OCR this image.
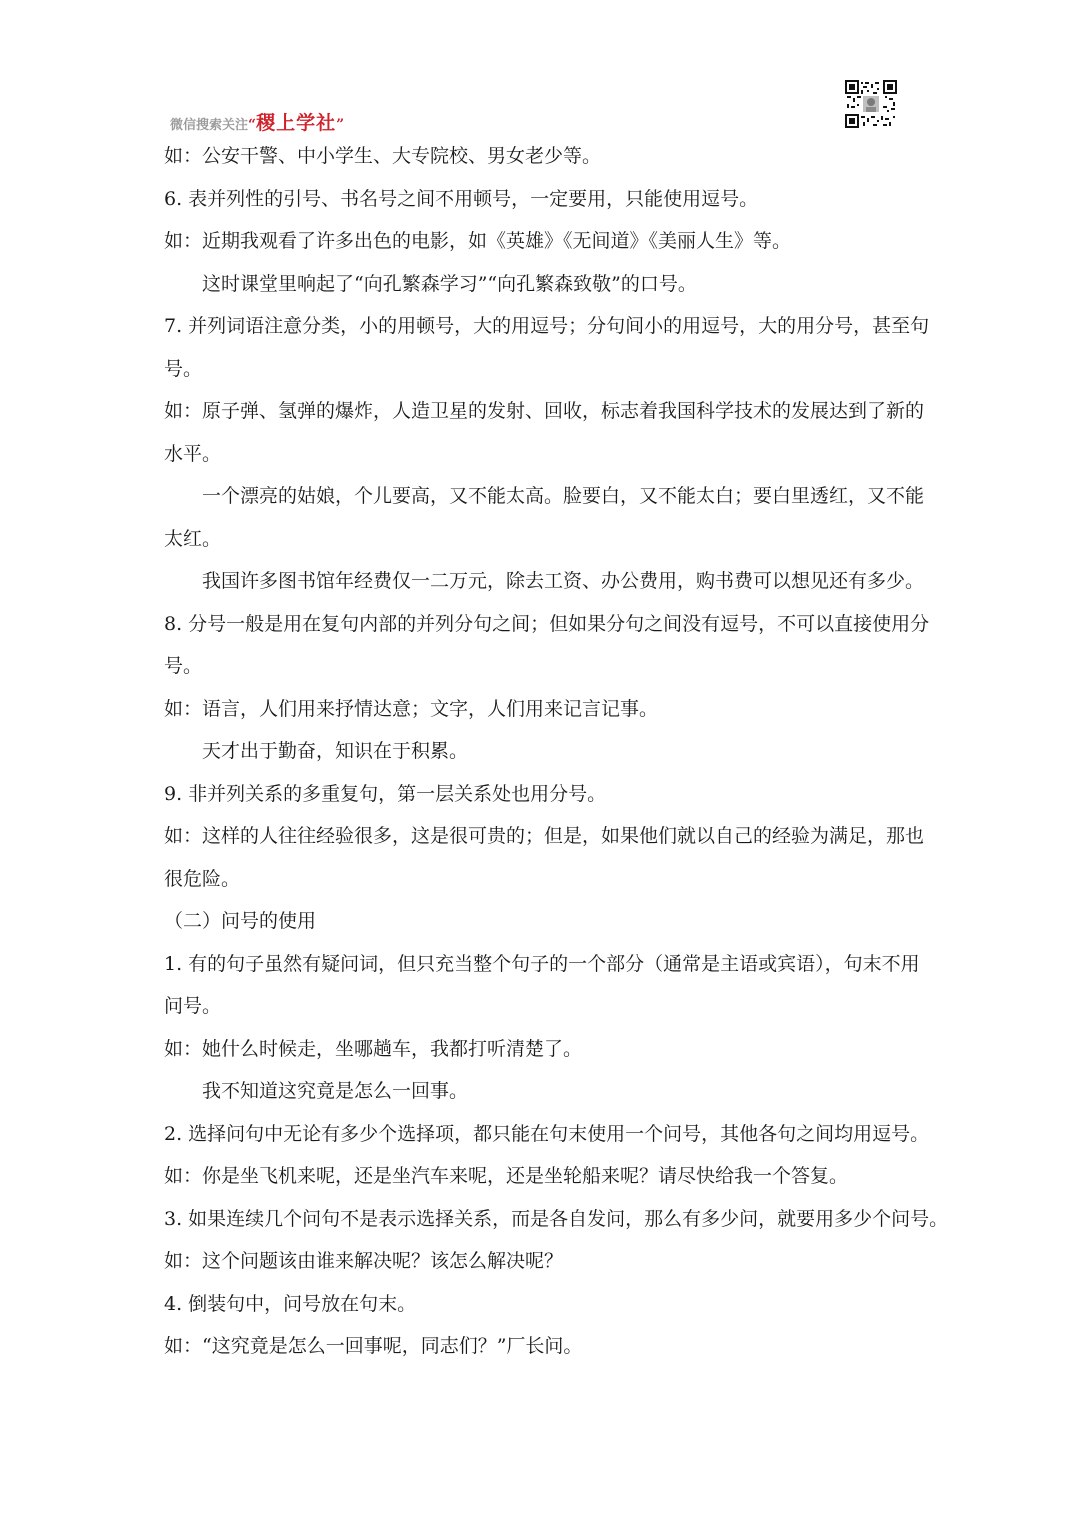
微信搜索关注“稷上学社”
如：公安干警、中小学生、大专院校、男女老少等。
6. 表并列性的引号、书名号之间不用顿号，一定要用，只能使用逗号。
如：近期我观看了许多出色的电影，如《英雄》《无间道》《美丽人生》等。
这时课堂里响起了“向孔繁森学习”“向孔繁森致敬”的口号。
7. 并列词语注意分类，小的用顿号，大的用逗号；分句间小的用逗号，大的用分号，甚至句
号。
如：原子弹、氢弹的爆炸，人造卫星的发射、回收，标志着我国科学技术的发展达到了新的
水平。
一个漂亮的姑娘，个儿要高，又不能太高。脸要白，又不能太白；要白里透红，又不能
太红。
我国许多图书馆年经费仅一二万元，除去工资、办公费用，购书费可以想见还有多少。
8. 分号一般是用在复句内部的并列分句之间；但如果分句之间没有逗号，不可以直接使用分
号。
如：语言，人们用来抒情达意；文字，人们用来记言记事。
天才出于勤奋，知识在于积累。
9. 非并列关系的多重复句，第一层关系处也用分号。
如：这样的人往往经验很多，这是很可贵的；但是，如果他们就以自己的经验为满足，那也
很危险。
（二）问号的使用
1. 有的句子虽然有疑问词，但只充当整个句子的一个部分（通常是主语或宾语），句末不用
问号。
如：她什么时候走，坐哪趟车，我都打听清楚了。
我不知道这究竟是怎么一回事。
2. 选择问句中无论有多少个选择项，都只能在句末使用一个问号，其他各句之间均用逗号。
如：你是坐飞机来呢，还是坐汽车来呢，还是坐轮船来呢？请尽快给我一个答复。
3. 如果连续几个问句不是表示选择关系，而是各自发问，那么有多少问，就要用多少个问号。
如：这个问题该由谁来解决呢？该怎么解决呢？
4. 倒装句中，问号放在句末。
如：“这究竟是怎么一回事呢，同志们？”厂长问。
